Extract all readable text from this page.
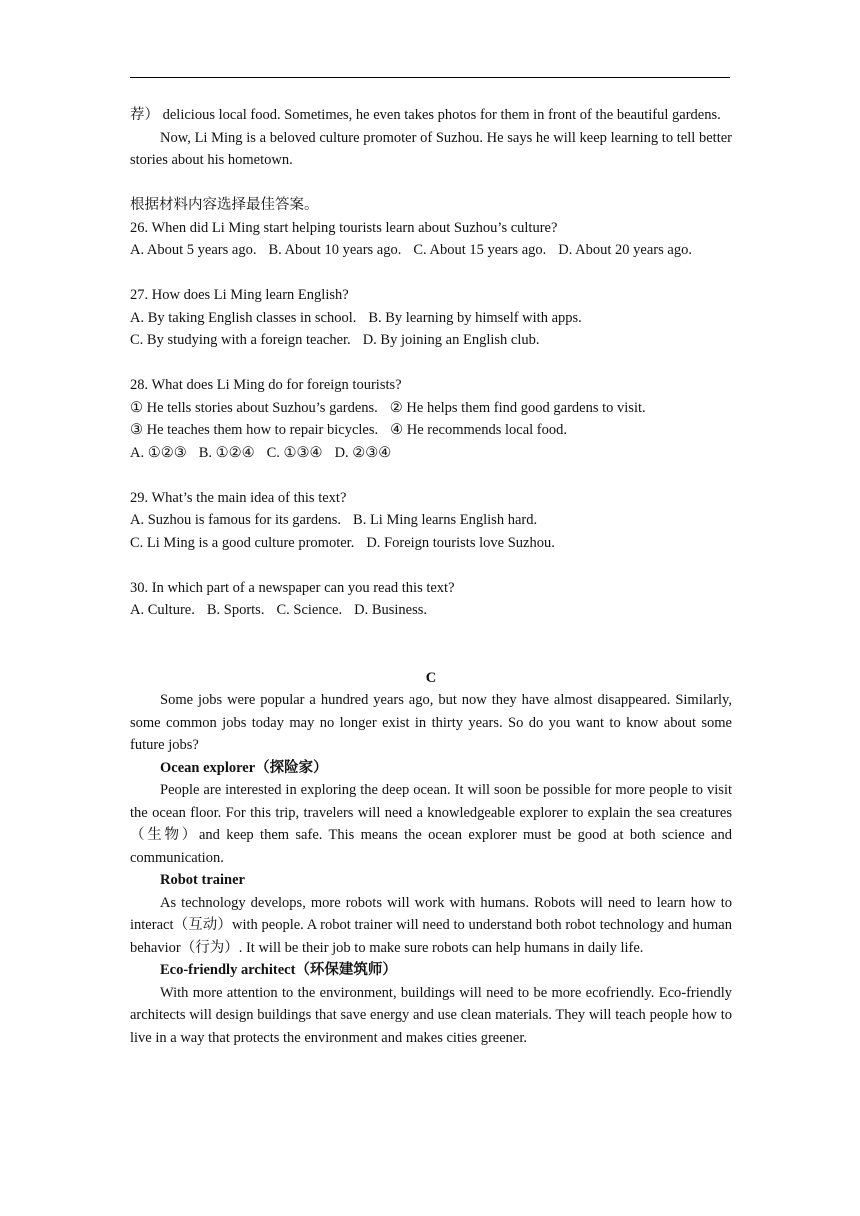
荐） delicious local food. Sometimes, he even takes photos for them in front of the beautiful gardens.

Now, Li Ming is a beloved culture promoter of Suzhou. He says he will keep learning to tell better stories about his hometown.

根据材料内容选择最佳答案。

26. When did Li Ming start helping tourists learn about Suzhou’s culture?

A. About 5 years ago. B. About 10 years ago. C. About 15 years ago. D. About 20 years ago.

27. How does Li Ming learn English?

A. By taking English classes in school. B. By learning by himself with apps.

C. By studying with a foreign teacher. D. By joining an English club.

28. What does Li Ming do for foreign tourists?

① He tells stories about Suzhou’s gardens. ② He helps them find good gardens to visit.

③ He teaches them how to repair bicycles. ④ He recommends local food.

A. ①②③ B. ①②④ C. ①③④ D. ②③④

29. What’s the main idea of this text?

A. Suzhou is famous for its gardens. B. Li Ming learns English hard.

C. Li Ming is a good culture promoter. D. Foreign tourists love Suzhou.

30. In which part of a newspaper can you read this text?

A. Culture. B. Sports. C. Science. D. Business.

C

Some jobs were popular a hundred years ago, but now they have almost disappeared. Similarly, some common jobs today may no longer exist in thirty years. So do you want to know about some future jobs?

Ocean explorer（探险家）

People are interested in exploring the deep ocean. It will soon be possible for more people to visit the ocean floor. For this trip, travelers will need a knowledgeable explorer to explain the sea creatures（生物）and keep them safe. This means the ocean explorer must be good at both science and communication.

Robot trainer

As technology develops, more robots will work with humans. Robots will need to learn how to interact（互动）with people. A robot trainer will need to understand both robot technology and human behavior（行为）. It will be their job to make sure robots can help humans in daily life.

Eco-friendly architect（环保建筑师）

With more attention to the environment, buildings will need to be more ecofriendly. Eco-friendly architects will design buildings that save energy and use clean materials. They will teach people how to live in a way that protects the environment and makes cities greener.
